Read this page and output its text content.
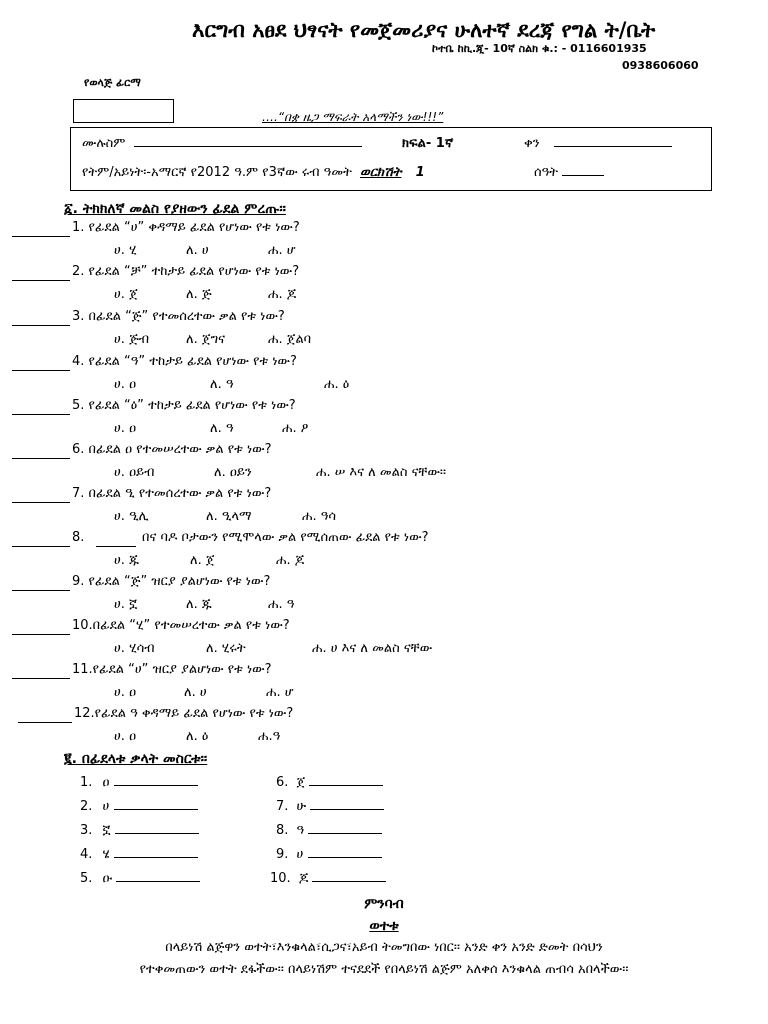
እርግብ አፀደ ህፃናት የመጀመሪያና ሁለተኛ ደረጃ የግል ት/ቤት
ኮተቤ ከኪ.ጂ- 10ኛ ስልክ ቁ.: - 0116601935
0938606060
የወላጅ ፊርማ
….“በቋ ዜጋ ማፍራት አላማችን ነው!!!”
ሙሉስም	ክፍል- 1ኛ	ቀን
የትም/አይነት፡-አማርኛ የ2012 ዓ.ም የ3ኛው ሩብ ዓመት ወርክሽት 1	ሰዓት
፩. ትክክለኛ መልስ የያዘውን ፊደል ምረጡ፡፡
1. የፊደል “ሀ” ቀዳማይ ፊደል የሆነው የቱ ነው?
ሀ. ሂ	ለ. ሀ	ሐ. ሆ
2. የፊደል “ቻ” ተከታይ ፊደል የሆነው የቱ ነው?
ሀ. ጀ	ለ. ጅ	ሐ. ጆ
3. በፊደል “ጅ” የተመሰረተው ቃል የቱ ነው?
ሀ. ጅብ	ለ. ጀግና	ሐ. ጀልባ
4. የፊደል “ዓ” ተከታይ ፊደል የሆነው የቱ ነው?
ሀ. ዐ	ለ. ዓ	ሐ. ዕ
5. የፊደል “ዕ” ተከታይ ፊደል የሆነው የቱ ነው?
ሀ. ዐ	ለ. ዓ	ሐ. ዖ
6. በፊደል ዐ የተመሠረተው ቃል የቱ ነው?
ሀ. ዐይብ	ለ. ዐይን	ሐ. ሠ እና ለ መልስ ናቸው፡፡
7. በፊደል ዒ የተመሰረተው ቃል የቱ ነው?
ሀ. ዒሊ	ለ. ዒላማ	ሐ. ዓሳ
8.	በና ባዶ ቦታውን የሚሞላው ቃል የሚሰጠው ፊደል የቱ ነው?
ሀ. ጁ	ለ. ጀ	ሐ. ጆ
9. የፊደል “ጅ” ዝርያ ያልሆነው የቱ ነው?
ሀ. ኟ	ለ. ጁ	ሐ. ዓ
10.በፊደል “ሂ” የተመሠረተው ቃል የቱ ነው?
ሀ. ሂሳብ	ለ. ሂሩት	ሐ. ሀ እና ለ መልስ ናቸው
11.የፊደል “ሀ” ዝርያ ያልሆነው የቱ ነው?
ሀ. ዐ	ለ. ሀ	ሐ. ሆ
12.የፊደል ዓ ቀዳማይ ፊደል የሆነው የቱ ነው?
ሀ. ዐ	ለ. ዕ	ሐ.ዓ
፪. በፊደላቱ ቃላት መስርቱ፡፡
1. ዐ
2. ሀ
3. ኟ
4. ሄ
5. ዑ
6. ጀ
7. ሁ
8. ዓ
9. ሀ
10. ጆ
ምንባብ
ወተቱ
በላይነሽ ልጅዋን ወተት፣እንቁላል፣ሲጋና፣አይብ ትመግበው ነበር፡፡ አንድ ቀን አንድ ድመት በሳህን
የተቀመጠውን ወተት ደፋችው፡፡ በላይነሽም ተናደደች የበላይነሽ ልጅም አለቀሰ እንቁላል ጠብሳ አበላችው፡፡
